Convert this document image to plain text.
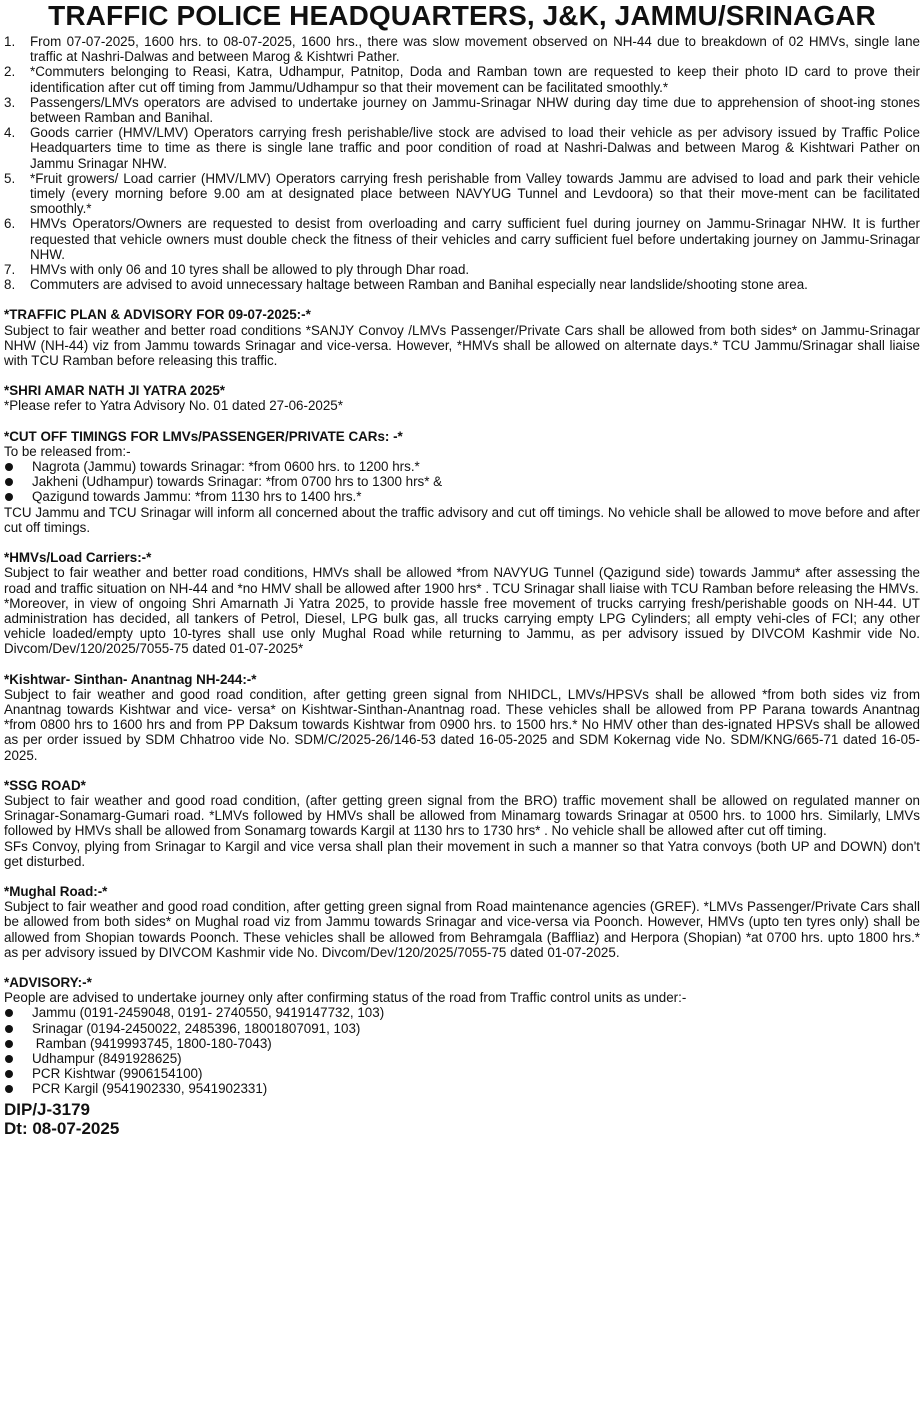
TRAFFIC POLICE HEADQUARTERS, J&K, JAMMU/SRINAGAR
1.	From 07-07-2025, 1600 hrs. to 08-07-2025, 1600 hrs., there was slow movement observed on NH-44 due to breakdown of 02 HMVs, single lane traffic at Nashri-Dalwas and between Marog & Kishtwri Pather.
2.	*Commuters belonging to Reasi, Katra, Udhampur, Patnitop, Doda and Ramban town are requested to keep their photo ID card to prove their identification after cut off timing from Jammu/Udhampur so that their movement can be facilitated smoothly.*
3.	Passengers/LMVs operators are advised to undertake journey on Jammu-Srinagar NHW during day time due to apprehension of shoot-ing stones between Ramban and Banihal.
4.	Goods carrier (HMV/LMV) Operators carrying fresh perishable/live stock are advised to load their vehicle as per advisory issued by Traffic Police Headquarters time to time as there is single lane traffic and poor condition of road at Nashri-Dalwas and between Marog & Kishtwari Pather on Jammu Srinagar NHW.
5.	*Fruit growers/ Load carrier (HMV/LMV) Operators carrying fresh perishable from Valley towards Jammu are advised to load and park their vehicle timely (every morning before 9.00 am at designated place between NAVYUG Tunnel and Levdoora) so that their move-ment can be facilitated smoothly.*
6.	HMVs Operators/Owners are requested to desist from overloading and carry sufficient fuel during journey on Jammu-Srinagar NHW. It is further requested that vehicle owners must double check the fitness of their vehicles and carry sufficient fuel before undertaking journey on Jammu-Srinagar NHW.
7.	HMVs with only 06 and 10 tyres shall be allowed to ply through Dhar road.
8.	Commuters are advised to avoid unnecessary haltage between Ramban and Banihal especially near landslide/shooting stone area.
*TRAFFIC PLAN & ADVISORY FOR 09-07-2025:-*

Subject to fair weather and better road conditions *SANJY Convoy /LMVs Passenger/Private Cars shall be allowed from both sides* on Jammu-Srinagar NHW (NH-44) viz from Jammu towards Srinagar and vice-versa. However, *HMVs shall be allowed on alternate days.* TCU Jammu/Srinagar shall liaise with TCU Ramban before releasing this traffic.

*SHRI AMAR NATH JI YATRA 2025*

*Please refer to Yatra Advisory No. 01 dated 27-06-2025*

*CUT OFF TIMINGS FOR LMVs/PASSENGER/PRIVATE CARs: -*

To be released from:-

Nagrota (Jammu) towards Srinagar: *from 0600 hrs. to 1200 hrs.*
Jakheni (Udhampur) towards Srinagar: *from 0700 hrs to 1300 hrs* &
Qazigund towards Jammu: *from 1130 hrs to 1400 hrs.*

TCU Jammu and TCU Srinagar will inform all concerned about the traffic advisory and cut off timings. No vehicle shall be allowed to move before and after cut off timings.

*HMVs/Load Carriers:-*

Subject to fair weather and better road conditions, HMVs shall be allowed *from NAVYUG Tunnel (Qazigund side) towards Jammu* after assessing the road and traffic situation on NH-44 and *no HMV shall be allowed after 1900 hrs* . TCU Srinagar shall liaise with TCU Ramban before releasing the HMVs.

*Moreover, in view of ongoing Shri Amarnath Ji Yatra 2025, to provide hassle free movement of trucks carrying fresh/perishable goods on NH-44. UT administration has decided, all tankers of Petrol, Diesel, LPG bulk gas, all trucks carrying empty LPG Cylinders; all empty vehi-cles of FCI; any other vehicle loaded/empty upto 10-tyres shall use only Mughal Road while returning to Jammu, as per advisory issued by DIVCOM Kashmir vide No. Divcom/Dev/120/2025/7055-75 dated 01-07-2025*

*Kishtwar- Sinthan- Anantnag NH-244:-*

Subject to fair weather and good road condition, after getting green signal from NHIDCL, LMVs/HPSVs shall be allowed *from both sides viz from Anantnag towards Kishtwar and vice- versa* on Kishtwar-Sinthan-Anantnag road. These vehicles shall be allowed from PP Parana towards Anantnag *from 0800 hrs to 1600 hrs and from PP Daksum towards Kishtwar from 0900 hrs. to 1500 hrs.* No HMV other than des-ignated HPSVs shall be allowed as per order issued by SDM Chhatroo vide No. SDM/C/2025-26/146-53 dated 16-05-2025 and SDM Kokernag vide No. SDM/KNG/665-71 dated 16-05-2025.

*SSG ROAD*

Subject to fair weather and good road condition, (after getting green signal from the BRO) traffic movement shall be allowed on regulated manner on Srinagar-Sonamarg-Gumari road. *LMVs followed by HMVs shall be allowed from Minamarg towards Srinagar at 0500 hrs. to 1000 hrs. Similarly, LMVs followed by HMVs shall be allowed from Sonamarg towards Kargil at 1130 hrs to 1730 hrs* . No vehicle shall be allowed after cut off timing.

SFs Convoy, plying from Srinagar to Kargil and vice versa shall plan their movement in such a manner so that Yatra convoys (both UP and DOWN) don't get disturbed.

*Mughal Road:-*

Subject to fair weather and good road condition, after getting green signal from Road maintenance agencies (GREF). *LMVs Passenger/Private Cars shall be allowed from both sides* on Mughal road viz from Jammu towards Srinagar and vice-versa via Poonch. However, HMVs (upto ten tyres only) shall be allowed from Shopian towards Poonch. These vehicles shall be allowed from Behramgala (Baffliaz) and Herpora (Shopian) *at 0700 hrs. upto 1800 hrs.* as per advisory issued by DIVCOM Kashmir vide No. Divcom/Dev/120/2025/7055-75 dated 01-07-2025.

*ADVISORY:-*

People are advised to undertake journey only after confirming status of the road from Traffic control units as under:-

Jammu (0191-2459048, 0191- 2740550, 9419147732, 103)
Srinagar (0194-2450022, 2485396, 18001807091, 103)
Ramban (9419993745, 1800-180-7043)
Udhampur (8491928625)
PCR Kishtwar (9906154100)
PCR Kargil (9541902330, 9541902331)
DIP/J-3179
Dt: 08-07-2025
